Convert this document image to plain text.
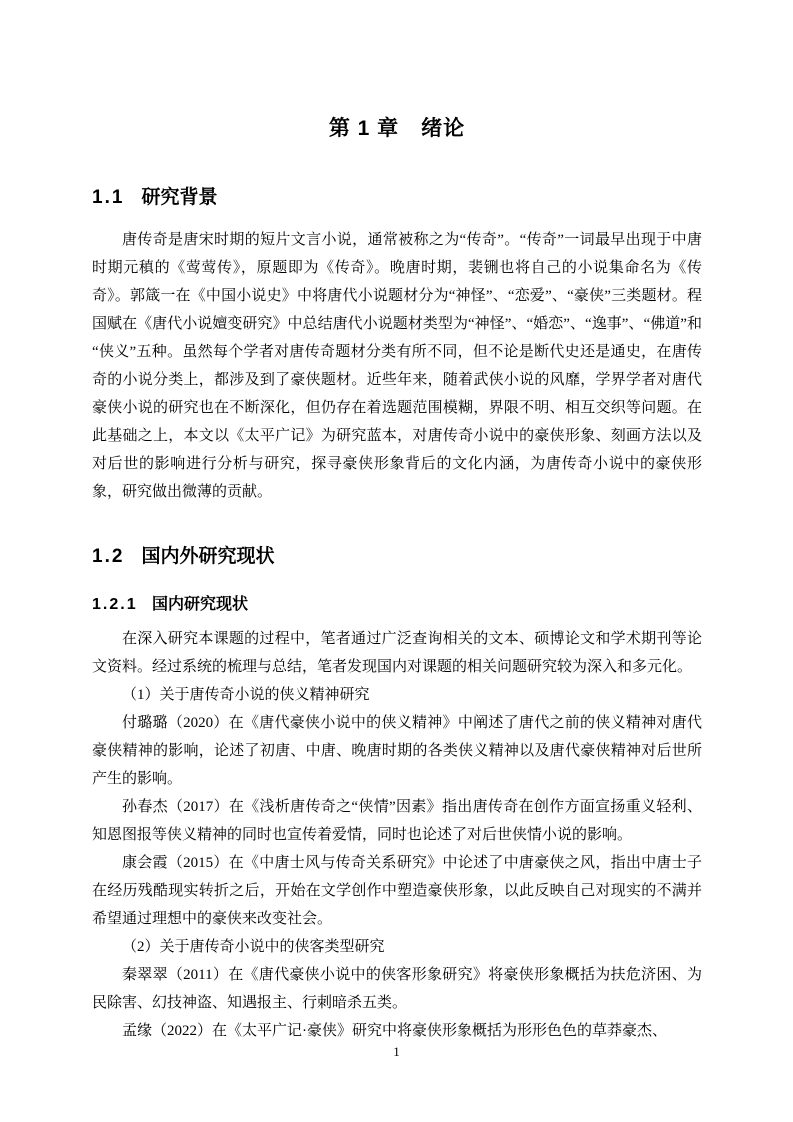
第 1 章　绪论
1.1 研究背景

唐传奇是唐宋时期的短片文言小说，通常被称之为“传奇”。“传奇”一词最早出现于中唐时期元稹的《莺莺传》，原题即为《传奇》。晚唐时期，裴铏也将自己的小说集命名为《传奇》。郭箴一在《中国小说史》中将唐代小说题材分为“神怪”、“恋爱”、“豪侠”三类题材。程国赋在《唐代小说嬗变研究》中总结唐代小说题材类型为“神怪”、“婚恋”、“逸事”、“佛道”和“侠义”五种。虽然每个学者对唐传奇题材分类有所不同，但不论是断代史还是通史，在唐传奇的小说分类上，都涉及到了豪侠题材。近些年来，随着武侠小说的风靡，学界学者对唐代豪侠小说的研究也在不断深化，但仍存在着选题范围模糊，界限不明、相互交织等问题。在此基础之上，本文以《太平广记》为研究蓝本，对唐传奇小说中的豪侠形象、刻画方法以及对后世的影响进行分析与研究，探寻豪侠形象背后的文化内涵，为唐传奇小说中的豪侠形象，研究做出微薄的贡献。

1.2 国内外研究现状
1.2.1 国内研究现状

在深入研究本课题的过程中，笔者通过广泛查询相关的文本、硕博论文和学术期刊等论文资料。经过系统的梳理与总结，笔者发现国内对课题的相关问题研究较为深入和多元化。

（1）关于唐传奇小说的侠义精神研究

付璐璐（2020）在《唐代豪侠小说中的侠义精神》中阐述了唐代之前的侠义精神对唐代豪侠精神的影响，论述了初唐、中唐、晚唐时期的各类侠义精神以及唐代豪侠精神对后世所产生的影响。

孙春杰（2017）在《浅析唐传奇之“侠情”因素》指出唐传奇在创作方面宣扬重义轻利、知恩图报等侠义精神的同时也宣传着爱情，同时也论述了对后世侠情小说的影响。

康会霞（2015）在《中唐士风与传奇关系研究》中论述了中唐豪侠之风，指出中唐士子在经历残酷现实转折之后，开始在文学创作中塑造豪侠形象，以此反映自己对现实的不满并希望通过理想中的豪侠来改变社会。

（2）关于唐传奇小说中的侠客类型研究

秦翠翠（2011）在《唐代豪侠小说中的侠客形象研究》将豪侠形象概括为扶危济困、为民除害、幻技神盗、知遇报主、行刺暗杀五类。

孟缘（2022）在《太平广记·豪侠》研究中将豪侠形象概括为形形色色的草莽豪杰、

1
